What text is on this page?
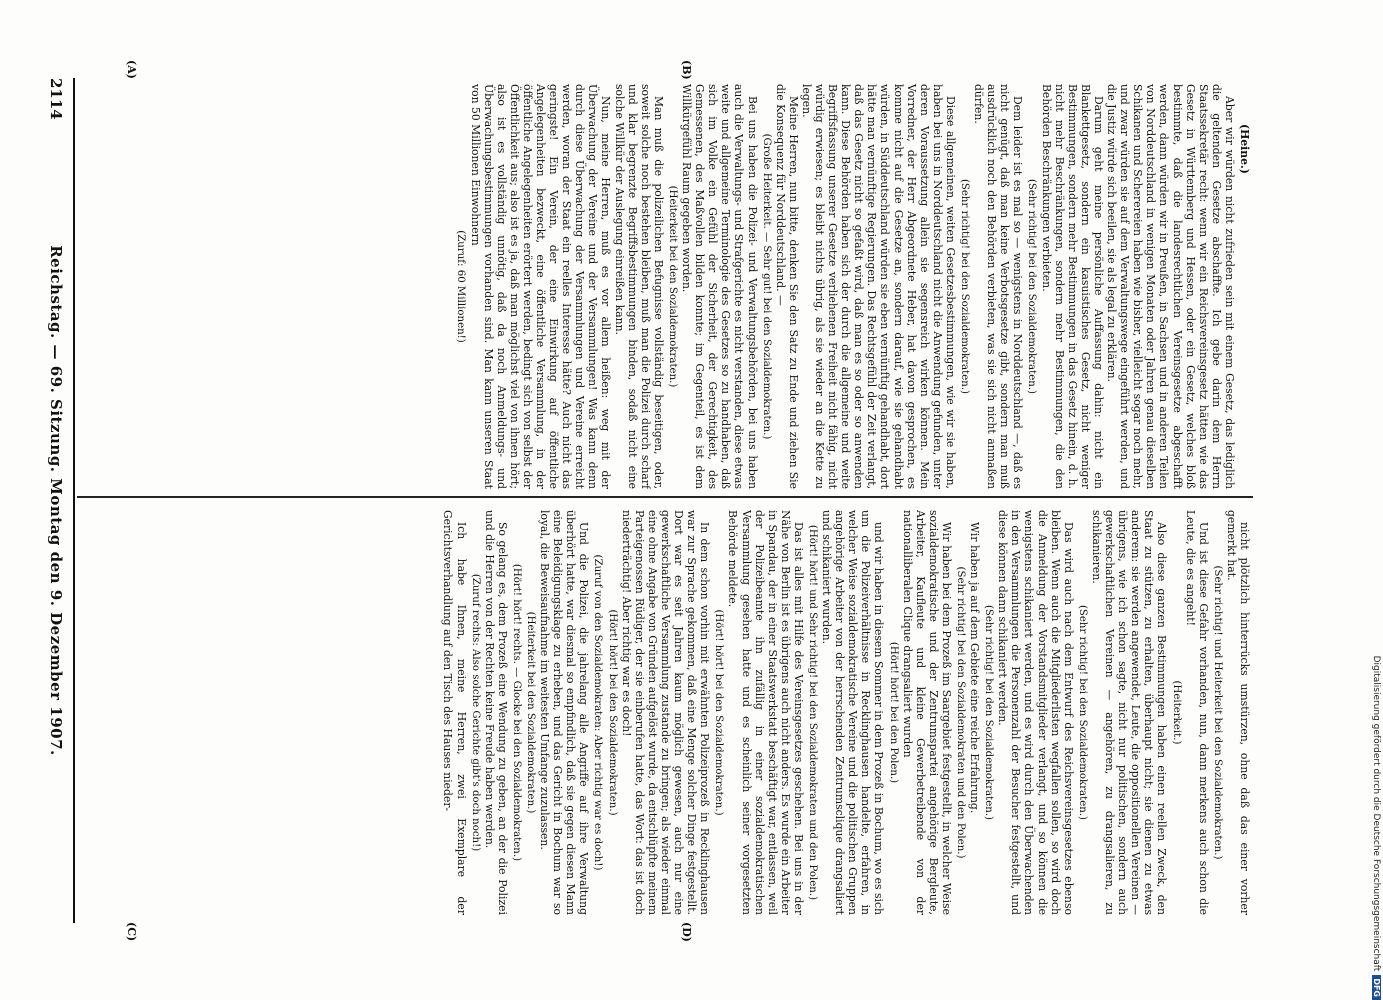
2114
Reichstag. — 69. Sitzung. Montag den 9. Dezember 1907.
(A)	(B)
(C)	(D)

(Heine.)

Aber wir würden nicht zufrieden sein mit einem Gesetz, das lediglich die geltenden Gesetze abschaffte. Ich gebe darin dem Herrn Staatssekretär recht: wenn wir ein Reichsvereinsgesetz hätten wie das Gesetz in Württemberg und Hessen, oder ein Gesetz, welches bloß bestimmte, daß die landesrechtlichen Vereinsgesetze abgeschafft werden, dann würden wir in Preußen, in Sachsen und in anderen Teilen von Norddeutschland in wenigen Monaten oder Jahren genau dieselben Schikanen und Scherereien haben wie bisher, vielleicht sogar noch mehr, und zwar würden sie auf dem Verwaltungswege eingeführt werden, und die Justiz würde sich beeilen, sie als legal zu erklären.

Darum geht meine persönliche Auffassung dahin: nicht ein Blankettgesetz, sondern ein kasuistisches Gesetz, nicht weniger Bestimmungen, sondern mehr Bestimmungen in das Gesetz hinein, d. h. nicht mehr Beschränkungen, sondern mehr Bestimmungen, die den Behörden Beschränkungen verbieten.

(Sehr richtig! bei den Sozialdemokraten.)

Dem leider ist es mal so — wenigstens in Norddeutschland —, daß es nicht genügt, daß man keine Verbotsgesetze gibt, sondern man muß ausdrücklich noch den Behörden verbieten, was sie sich nicht anmaßen dürfen.

(Sehr richtig! bei den Sozialdemokraten.)

Diese allgemeinen, weiten Gesetzesbestimmungen, wie wir sie haben, haben bei uns in Norddeutschland nicht die Anwendung gefunden, unter deren Voraussetzung allein sie segensreich wirken können. Mein Vorredner, der Herr Abgeordnete Heber, hat davon gesprochen, es komme nicht auf die Gesetze an, sondern darauf, wie sie gehandhabt würden, in Süddeutschland würden sie eben vernünftig gehandhabt, dort hätte man vernünftige Regierungen. Das Rechtsgefühl der Zeit verlangt, daß das Gesetz nicht so gefaßt wird, daß man es so oder so anwenden kann. Diese Behörden haben sich der durch die allgemeine und weite Begriffsfassung unserer Gesetze verliehenen Freiheit nicht fähig, nicht würdig erwiesen; es bleibt nichts übrig, als sie wieder an die Kette zu legen.

Meine Herren, nun bitte, denken Sie den Satz zu Ende und ziehen Sie die Konsequenz für Norddeutschland. —

(Große Heiterkeit. — Sehr gut! bei den Sozialdemokraten.)

Bei uns haben die Polizei- und Verwaltungsbehörden, bei uns haben auch die Verwaltungs- und Strafgerichte es nicht verstanden, diese etwas weite und allgemeine Terminologie des Gesetzes so zu handhaben, daß sich im Volke ein Gefühl der Sicherheit, der Gerechtigkeit, des Gemessenen, des Maßvollen bilden konnte; im Gegenteil, es ist dem Willkürgefühl Raum gegeben worden.

(Heiterkeit bei den Sozialdemokraten.)

Man muß die polizeilichen Befugnisse vollständig beseitigen, oder, soweit solche noch bestehen bleiben, muß man die Polizei durch scharf und klar begrenzte Begriffsbestimmungen binden, sodaß nicht eine solche Willkür der Auslegung einreißen kann.

Nun, meine Herren, muß es vor allem heißen: weg mit der Überwachung der Vereine und der Versammlungen! Was kann denn durch diese Überwachung der Versammlungen und Vereine erreicht werden, woran der Staat ein reelles Interesse hätte? Auch nicht das geringste! Ein Verein, der eine Einwirkung auf öffentliche Angelegenheiten bezweckt, eine öffentliche Versammlung, in der öffentliche Angelegenheiten erörtert werden, bedingt sich von selbst der Öffentlichkeit aus; also ist es ja, daß man möglichst viel von ihnen hört; also ist es vollständig unnötig, daß da noch Anmeldungs- und Überwachungsbestimmungen vorhanden sind. Man kann unseren Staat von 50 Millionen Einwohnern

(Zuruf: 60 Millionen!)

nicht plötzlich hinterrücks umstürzen, ohne daß das einer vorher gemerkt hat.

(Sehr richtig! und Heiterkeit bei den Sozialdemokraten.)

Und ist diese Gefahr vorhanden, nun, dann merkens auch schon die Leute, die es angeht!

(Heiterkeit.)

Also diese ganzen Bestimmungen haben einen reellen Zweck, den Staat zu stützen, zu erhalten, überhaupt nicht; sie dienen zu etwas anderem: sie werden angewendet, Leute, die oppositionellen Vereinen — übrigens, wie ich schon sagte, nicht nur politischen, sondern auch gewerkschaftlichen Vereinen — angehören, zu drangsalieren, zu schikanieren.

(Sehr richtig! bei den Sozialdemokraten.)

Das wird auch nach dem Entwurf des Reichsvereinsgesetzes ebenso bleiben. Wenn auch die Mitgliederlisten wegfallen sollen, so wird doch die Anmeldung der Vorstandsmitglieder verlangt, und so können die wenigstens schikaniert werden, und es wird durch den Überwachenden in den Versammlungen die Personenzahl der Besucher festgestellt, und diese können dann schikaniert werden.

(Sehr richtig! bei den Sozialdemokraten.)

Wir haben ja auf dem Gebiete eine reiche Erfahrung.

(Sehr richtig! bei den Sozialdemokraten und den Polen.)

Wir haben bei dem Prozeß im Saargebiet festgestellt, in welcher Weise sozialdemokratische und der Zentrumspartei angehörige Bergleute, Arbeiter, Kaufleute und kleine Gewerbetreibende von der nationalliberalen Clique drangsaliert wurden

(Hört! hört! bei den Polen.)

und wir haben in diesem Sommer in dem Prozeß in Bochum, wo es sich um die Polizeiverhältnisse in Recklinghausen handelte, erfahren, in welcher Weise sozialdemokratische Vereine und die politischen Gruppen angehörige Arbeiter von der herrschenden Zentrumsclique drangsaliert und schikaniert wurden.

(Hört! hört! und Sehr richtig! bei den Sozialdemokraten und den Polen.)

Das ist alles mit Hilfe des Vereinsgesetzes geschehen. Bei uns in der Nähe von Berlin ist es übrigens auch nicht anders. Es wurde ein Arbeiter in Spandau, der in einer Staatswerkstatt beschäftigt war, entlassen, weil der Polizeibeamte ihn zufällig in einer sozialdemokratischen Versammlung gesehen hatte und es scheinlich seiner vorgesetzten Behörde meldete.

(Hört! hört! bei den Sozialdemokraten.)

In dem schon vorhin mit erwähnten Polizeiprozeß in Recklinghausen war zur Sprache gekommen, daß eine Menge solcher Dinge festgestellt. Dort war es seit Jahren kaum möglich gewesen, auch nur eine gewerkschaftliche Versammlung zustande zu bringen; als wieder einmal eine ohne Angabe von Gründen aufgelöst wurde, da entschlüpfte meinem Parteigenossen Rüdiger, der sie einberufen hatte, das Wort: das ist doch niederträchtig! Aber richtig war es doch!

(Hört! hört! bei den Sozialdemokraten.)

(Zuruf von den Sozialdemokraten: Aber richtig war es doch!)

Und die Polizei, die jahrelang alle Angriffe auf ihre Verwaltung überhört hatte, war diesmal so empfindlich, daß sie gegen diesen Mann eine Beleidigungsklage zu erheben, und das Gericht in Bochum war so loyal, die Beweisaufnahme im weitesten Umfange zuzulassen.

(Heiterkeit bei den Sozialdemokraten.)

(Hört! hört! rechts. — Glocke bei den Sozialdemokraten.)

So gelang es, dem Prozeß eine Wendung zu geben, an der die Polizei und die Herren von der Rechten keine Freude haben werden.

(Zuruf rechts: Also solche Gerichte gibt's doch noch!)

Ich habe Ihnen, meine Herren, zwei Exemplare der Gerichtsverhandlung auf den Tisch des Hauses nieder-	Digitalisierung gefördert durch die Deutsche ForschungsgemeinschaftDFG
